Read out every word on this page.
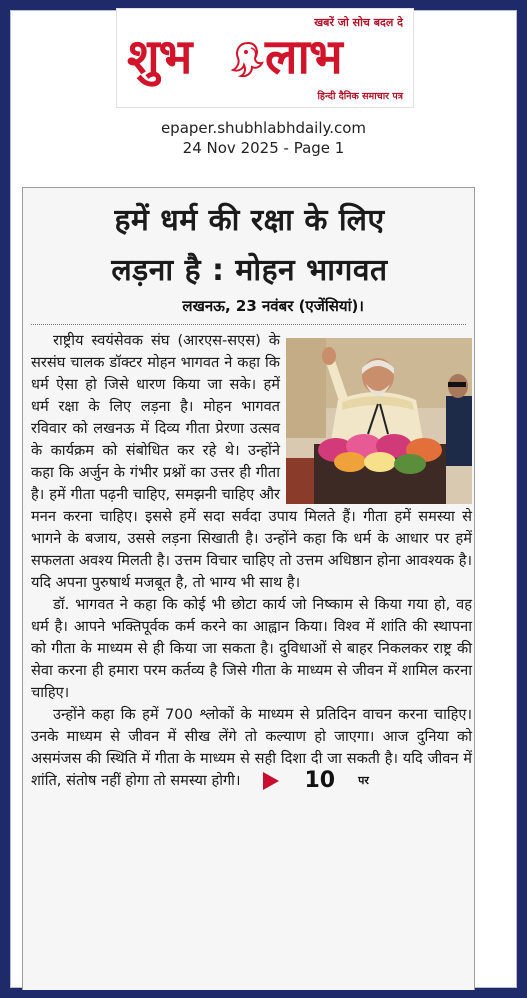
खबरें जो सोच बदल दे
शुभ लाभ
हिन्दी दैनिक समाचार पत्र
epaper.shubhlabhdaily.com
24 Nov 2025 - Page 1
हमें धर्म की रक्षा के लिए
लड़ना है : मोहन भागवत
लखनऊ, 23 नवंबर (एजेंसियां)।

राष्ट्रीय स्वयंसेवक संघ (आरएस-सएस) के सरसंघ चालक डॉक्टर मोहन भागवत ने कहा कि धर्म ऐसा हो जिसे धारण किया जा सके। हमें धर्म रक्षा के लिए लड़ना है। मोहन भागवत रविवार को लखनऊ में दिव्य गीता प्रेरणा उत्सव के कार्यक्रम को संबोधित कर रहे थे। उन्होंने कहा कि अर्जुन के गंभीर प्रश्नों का उत्तर ही गीता है। हमें गीता पढ़नी चाहिए, समझनी चाहिए और मनन करना चाहिए। इससे हमें सदा सर्वदा उपाय मिलते हैं। गीता हमें समस्या से भागने के बजाय, उससे लड़ना सिखाती है। उन्होंने कहा कि धर्म के आधार पर हमें सफलता अवश्य मिलती है। उत्तम विचार चाहिए तो उत्तम अधिष्ठान होना आवश्यक है। यदि अपना पुरुषार्थ मजबूत है, तो भाग्य भी साथ है।

डॉ. भागवत ने कहा कि कोई भी छोटा कार्य जो निष्काम से किया गया हो, वह धर्म है। आपने भक्तिपूर्वक कर्म करने का आह्वान किया। विश्व में शांति की स्थापना को गीता के माध्यम से ही किया जा सकता है। दुविधाओं से बाहर निकलकर राष्ट्र की सेवा करना ही हमारा परम कर्तव्य है जिसे गीता के माध्यम से जीवन में शामिल करना चाहिए।

उन्होंने कहा कि हमें 700 श्लोकों के माध्यम से प्रतिदिन वाचन करना चाहिए। उनके माध्यम से जीवन में सीख लेंगे तो कल्याण हो जाएगा। आज दुनिया को असमंजस की स्थिति में गीता के माध्यम से सही दिशा दी जा सकती है। यदि जीवन में शांति, संतोष नहीं होगा तो समस्या होगी।	10	पर
